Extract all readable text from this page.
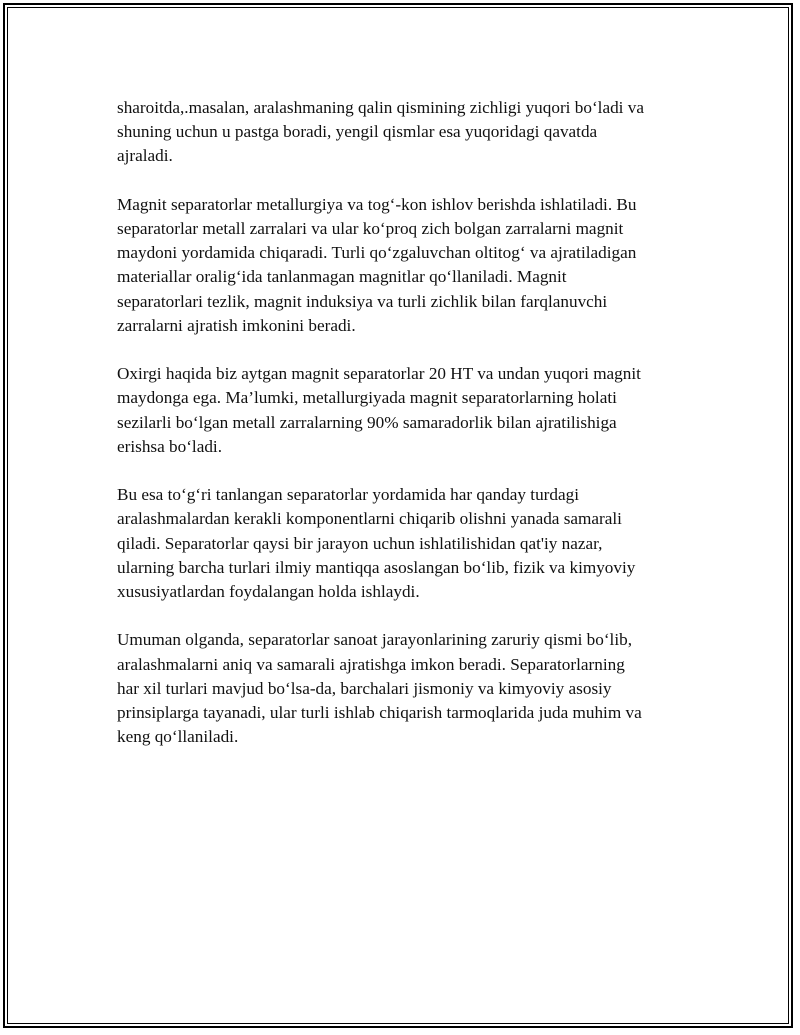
sharoitda,.masalan, aralashmaning qalin qismining zichligi yuqori bo‘ladi va
shuning uchun u pastga boradi, yengil qismlar esa yuqoridagi qavatda
ajraladi.

Magnit separatorlar metallurgiya va tog‘-kon ishlov berishda ishlatiladi. Bu
separatorlar metall zarralari va ular ko‘proq zich bolgan zarralarni magnit
maydoni yordamida chiqaradi. Turli qo‘zgaluvchan oltitog‘ va ajratiladigan
materiallar oralig‘ida tanlanmagan magnitlar qo‘llaniladi. Magnit
separatorlari tezlik, magnit induksiya va turli zichlik bilan farqlanuvchi
zarralarni ajratish imkonini beradi.

Oxirgi haqida biz aytgan magnit separatorlar 20 HT va undan yuqori magnit
maydonga ega. Ma’lumki, metallurgiyada magnit separatorlarning holati
sezilarli bo‘lgan metall zarralarning 90% samaradorlik bilan ajratilishiga
erishsa bo‘ladi.

Bu esa to‘g‘ri tanlangan separatorlar yordamida har qanday turdagi
aralashmalardan kerakli komponentlarni chiqarib olishni yanada samarali
qiladi. Separatorlar qaysi bir jarayon uchun ishlatilishidan qat'iy nazar,
ularning barcha turlari ilmiy mantiqqa asoslangan bo‘lib, fizik va kimyoviy
xususiyatlardan foydalangan holda ishlaydi.

Umuman olganda, separatorlar sanoat jarayonlarining zaruriy qismi bo‘lib,
aralashmalarni aniq va samarali ajratishga imkon beradi. Separatorlarning
har xil turlari mavjud bo‘lsa-da, barchalari jismoniy va kimyoviy asosiy
prinsiplarga tayanadi, ular turli ishlab chiqarish tarmoqlarida juda muhim va
keng qo‘llaniladi.
